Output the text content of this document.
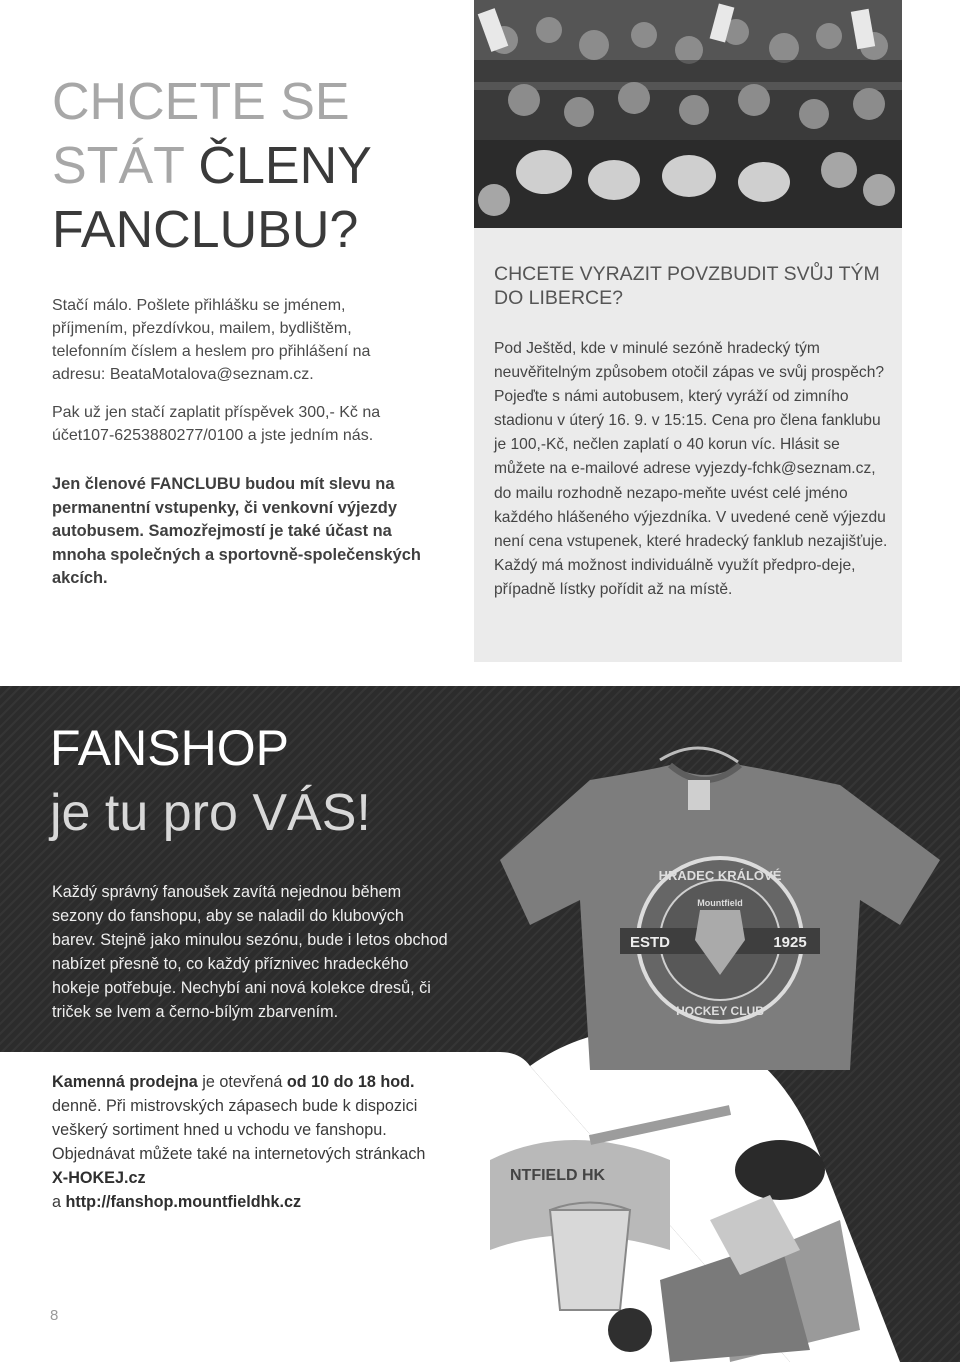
CHCETE SE
STÁT ČLENY
FANCLUBU?

Stačí málo. Pošlete přihlášku se jménem, příjmením, přezdívkou, mailem, bydlištěm, telefonním číslem a heslem pro přihlášení na adresu: BeataMotalova@seznam.cz.

Pak už jen stačí zaplatit příspěvek 300,- Kč na účet107-6253880277/0100 a jste jedním nás.

Jen členové FANCLUBU budou mít slevu na permanentní vstupenky, či venkovní výjezdy autobusem. Samozřejmostí je také účast na mnoha společných a sportovně-společenských akcích.
CHCETE VYRAZIT POVZBUDIT SVŮJ TÝM DO LIBERCE?
Pod Ještěd, kde v minulé sezóně hradecký tým neuvěřitelným způsobem otočil zápas ve svůj prospěch? Pojeďte s námi autobusem, který vyráží od zimního stadionu v úterý 16. 9. v 15:15. Cena pro člena fanklubu je 100,-Kč, nečlen zaplatí o 40 korun víc. Hlásit se můžete na e-mailové adrese vyjezdy-fchk@seznam.cz, do mailu rozhodně nezapo-meňte uvést celé jméno každého hlášeného výjezdníka. V uvedené ceně výjezdu není cena vstupenek, které hradecký fanklub nezajišťuje. Každý má možnost individuálně využít předpro-deje, případně lístky pořídit až na místě.
FANSHOP
je tu pro VÁS!
Každý správný fanoušek zavítá nejednou během sezony do fanshopu, aby se naladil do klubových barev. Stejně jako minulou sezónu, bude i letos obchod nabízet přesně to, co každý příznivec hradeckého hokeje potřebuje. Nechybí ani nová kolekce dresů, či triček se lvem a černo-bílým zbarvením.
Kamenná prodejna je otevřená od 10 do 18 hod. denně. Při mistrovských zápasech bude k dispozici veškerý sortiment hned u vchodu ve fanshopu. Objednávat můžete také na internetových stránkach
X-HOKEJ.cz
a http://fanshop.mountfieldhk.cz
HRADEC KRÁLOVÉ
HOCKEY CLUB
ESTD	1925
Mountfield
NTFIELD HK
8
